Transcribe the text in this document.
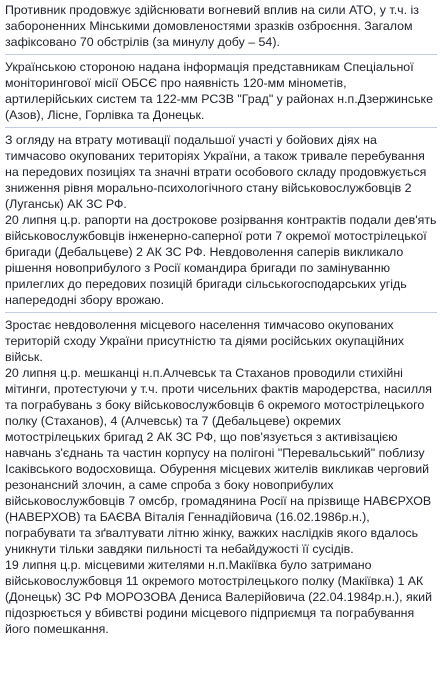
Противник продовжує здійснювати вогневий вплив на сили АТО, у т.ч. із забороненних Мінськими домовленостями зразків озброєння. Загалом зафіксовано 70 обстрілів (за минулу добу – 54).

Українською стороною надана інформація представникам Спеціальної моніторингової місії ОБСЄ про наявність 120-мм мінометів, артилерійських систем та 122-мм РСЗВ "Град" у районах н.п.Дзержинське (Азов), Лісне, Горлівка та Донецьк.

З огляду на втрату мотивації подальшої участі у бойових діях на тимчасово окупованих територіях України, а також тривале перебування на передових позиціях та значні втрати особового складу продовжується зниження рівня морально-психологічного стану військовослужбовців 2 (Луганськ) АК ЗС РФ.

20 липня ц.р. рапорти на дострокове розірвання контрактів подали дев'ять військовослужбовців інженерно-саперної роти 7 окремої мотострілецької бригади (Дебальцеве) 2 АК ЗС РФ. Невдоволення саперів викликало рішення новоприбулого з Росії командира бригади по замінуванню прилеглих до передових позицій бригади сільськогосподарських угідь напередодні збору врожаю.

Зростає невдоволення місцевого населення тимчасово окупованих територій сходу України присутністю та діями російських окупаційних військ.

20 липня ц.р. мешканці н.п.Алчевськ та Стаханов проводили стихійні мітинги, протестуючи у т.ч. проти чисельних фактів мародерства, насилля та пограбувань з боку військовослужбовців 6 окремого мотострілецького полку (Стаханов), 4 (Алчевськ) та 7 (Дебальцеве) окремих мотострілецьких бригад 2 АК ЗС РФ, що пов'язується з активізацією навчань з'єднань та частин корпусу на полігоні "Перевальський" поблизу Ісаківського водосховища. Обурення місцевих жителів викликав черговий резонансний злочин, а саме спроба з боку новоприбулих військовослужбовців 7 омсбр, громадянина Росії на прізвище НАВЄРХОВ (НАВЕРХОВ) та БАЄВА Віталія Геннадійовича (16.02.1986р.н.), пограбувати та зґвалтувати літню жінку, важких наслідків якого вдалось уникнути тільки завдяки пильності та небайдужості її сусідів.

19 липня ц.р. місцевими жителями н.п.Макіївка було затримано військовослужбовця 11 окремого мотострілецького полку (Макіївка) 1 АК (Донецьк) ЗС РФ МОРОЗОВА Дениса Валерійовича (22.04.1984р.н.), який підозрюється у вбивстві родини місцевого підприємця та пограбування його помешкання.
